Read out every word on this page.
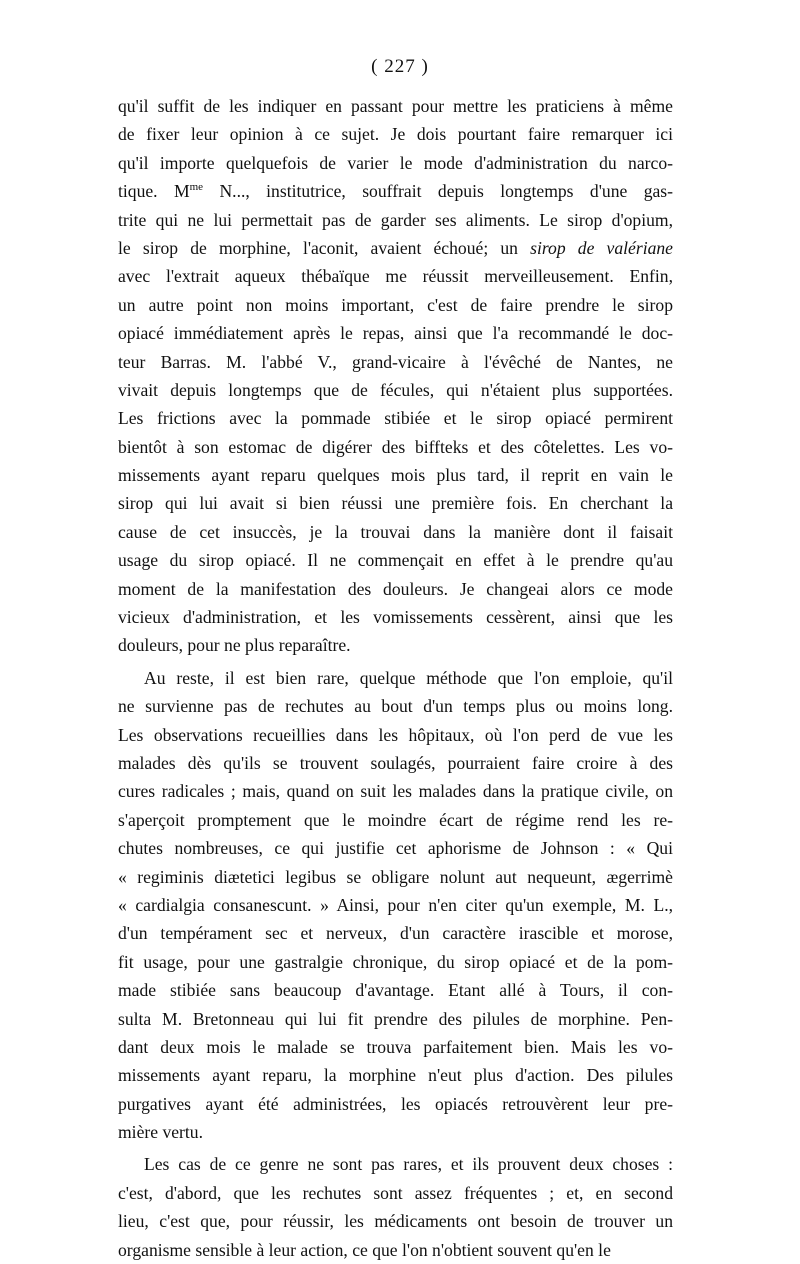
( 227 )
qu'il suffit de les indiquer en passant pour mettre les praticiens à même
de fixer leur opinion à ce sujet. Je dois pourtant faire remarquer ici
qu'il importe quelquefois de varier le mode d'administration du narco-
tique. $M^{me}$ N..., institutrice, souffrait depuis longtemps d'une gas-
trite qui ne lui permettait pas de garder ses aliments. Le sirop d'opium,
le sirop de morphine, l'aconit, avaient échoué; un sirop de valériane
avec l'extrait aqueux thébaïque me réussit merveilleusement. Enfin,
un autre point non moins important, c'est de faire prendre le sirop
opiacé immédiatement après le repas, ainsi que l'a recommandé le doc-
teur Barras. M. l'abbé V., grand-vicaire à l'évêché de Nantes, ne
vivait depuis longtemps que de fécules, qui n'étaient plus supportées.
Les frictions avec la pommade stibiée et le sirop opiacé permirent
bientôt à son estomac de digérer des biffteks et des côtelettes. Les vo-
missements ayant reparu quelques mois plus tard, il reprit en vain le
sirop qui lui avait si bien réussi une première fois. En cherchant la
cause de cet insuccès, je la trouvai dans la manière dont il faisait
usage du sirop opiacé. Il ne commençait en effet à le prendre qu'au
moment de la manifestation des douleurs. Je changeai alors ce mode
vicieux d'administration, et les vomissements cessèrent, ainsi que les
douleurs, pour ne plus reparaître.
Au reste, il est bien rare, quelque méthode que l'on emploie, qu'il
ne survienne pas de rechutes au bout d'un temps plus ou moins long.
Les observations recueillies dans les hôpitaux, où l'on perd de vue les
malades dès qu'ils se trouvent soulagés, pourraient faire croire à des
cures radicales ; mais, quand on suit les malades dans la pratique civile, on
s'aperçoit promptement que le moindre écart de régime rend les re-
chutes nombreuses, ce qui justifie cet aphorisme de Johnson : « Qui
« regiminis diætetici legibus se obligare nolunt aut nequeunt, ægerrimè
« cardialgia consanescunt. » Ainsi, pour n'en citer qu'un exemple, M. L.,
d'un tempérament sec et nerveux, d'un caractère irascible et morose,
fit usage, pour une gastralgie chronique, du sirop opiacé et de la pom-
made stibiée sans beaucoup d'avantage. Etant allé à Tours, il con-
sulta M. Bretonneau qui lui fit prendre des pilules de morphine. Pen-
dant deux mois le malade se trouva parfaitement bien. Mais les vo-
missements ayant reparu, la morphine n'eut plus d'action. Des pilules
purgatives ayant été administrées, les opiacés retrouvèrent leur pre-
mière vertu.
Les cas de ce genre ne sont pas rares, et ils prouvent deux choses :
c'est, d'abord, que les rechutes sont assez fréquentes ; et, en second
lieu, c'est que, pour réussir, les médicaments ont besoin de trouver un
organisme sensible à leur action, ce que l'on n'obtient souvent qu'en le
